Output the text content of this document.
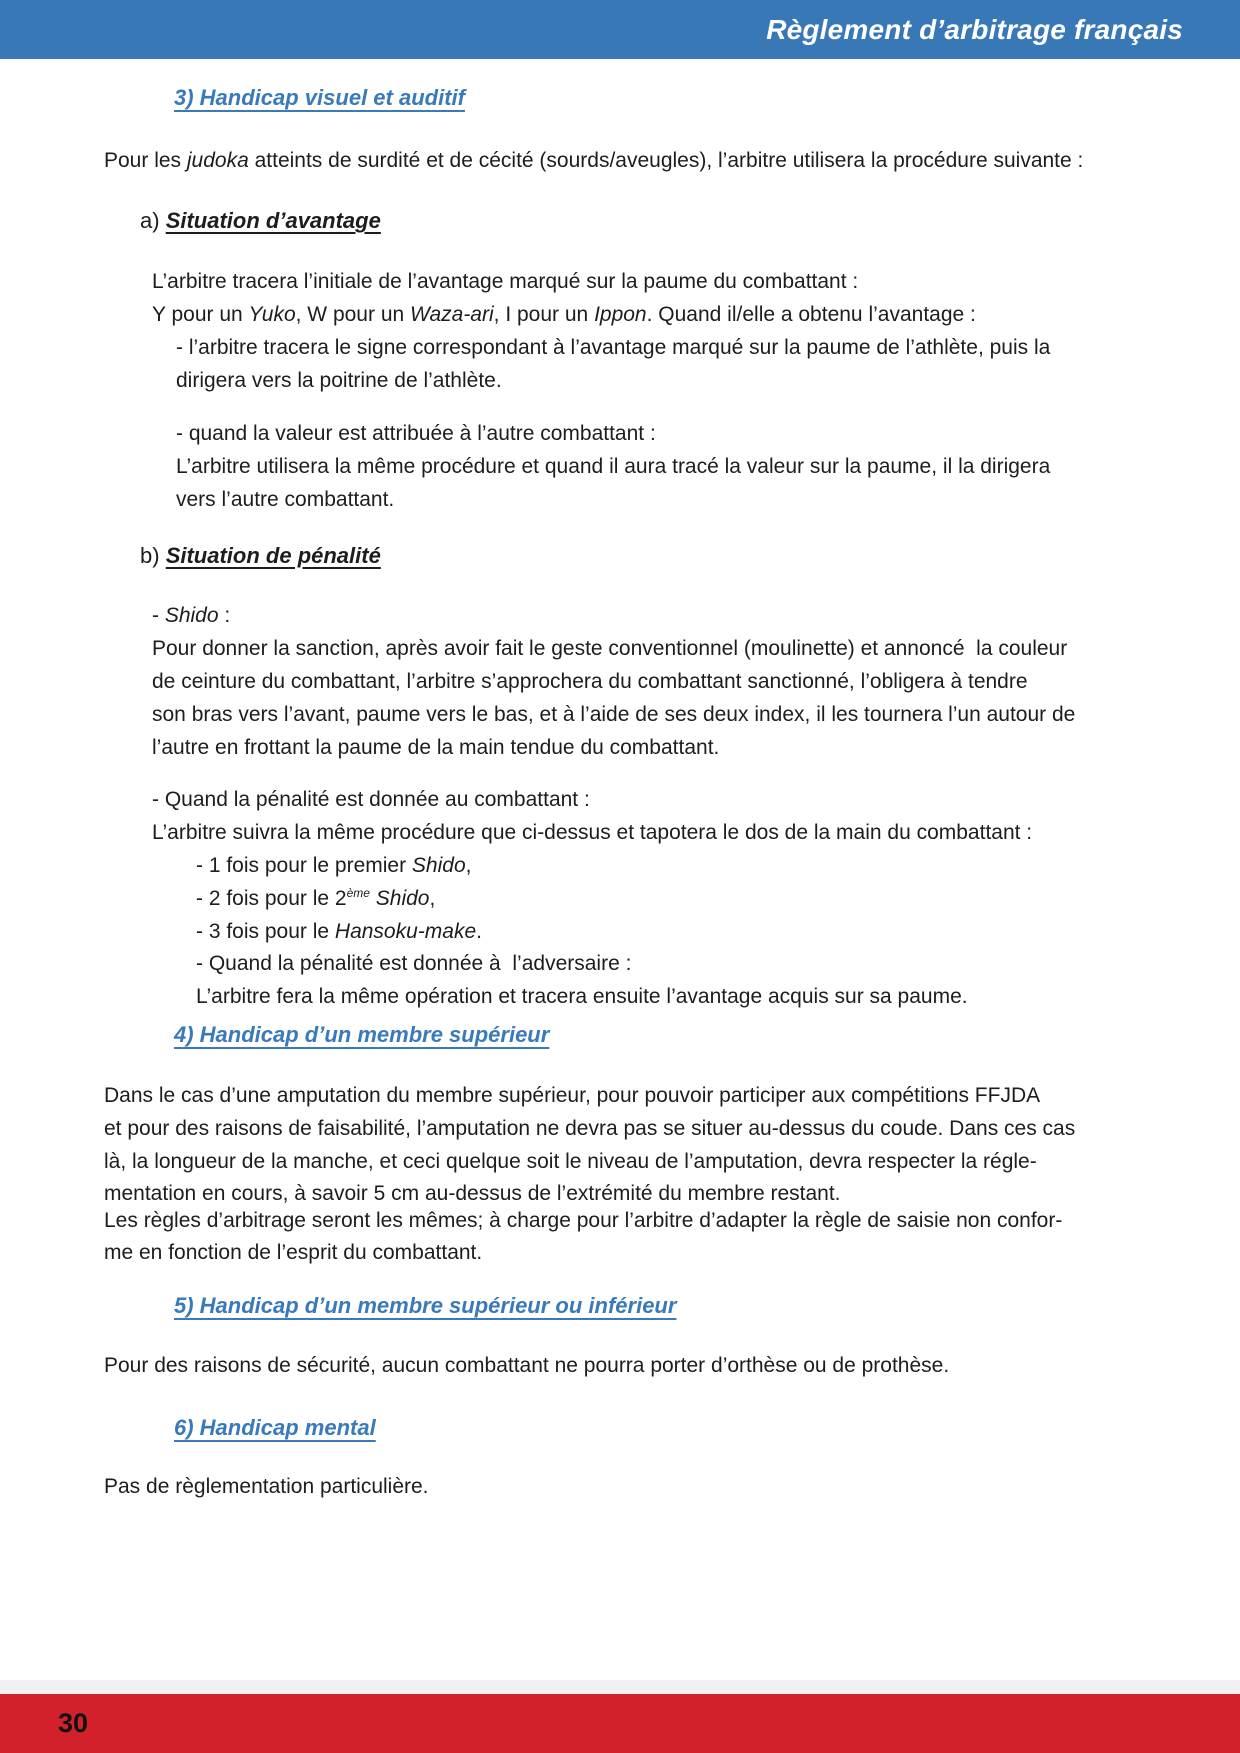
Règlement d’arbitrage français
3) Handicap visuel et auditif
Pour les judoka atteints de surdité et de cécité (sourds/aveugles), l’arbitre utilisera la procédure suivante :
a) Situation d’avantage
L’arbitre tracera l’initiale de l’avantage marqué sur la paume du combattant :
Y pour un Yuko, W pour un Waza-ari, I pour un Ippon. Quand il/elle a obtenu l’avantage :
- l’arbitre tracera le signe correspondant à l’avantage marqué sur la paume de l’athlète, puis la
dirigera vers la poitrine de l’athlète.
- quand la valeur est attribuée à l’autre combattant :
L’arbitre utilisera la même procédure et quand il aura tracé la valeur sur la paume, il la dirigera
vers l’autre combattant.
b) Situation de pénalité
- Shido :
Pour donner la sanction, après avoir fait le geste conventionnel (moulinette) et annoncé  la couleur
de ceinture du combattant, l’arbitre s’approchera du combattant sanctionné, l’obligera à tendre
son bras vers l’avant, paume vers le bas, et à l’aide de ses deux index, il les tournera l’un autour de
l’autre en frottant la paume de la main tendue du combattant.
- Quand la pénalité est donnée au combattant :
L’arbitre suivra la même procédure que ci-dessus et tapotera le dos de la main du combattant :
- 1 fois pour le premier Shido,
- 2 fois pour le 2ème Shido,
- 3 fois pour le Hansoku-make.
- Quand la pénalité est donnée à  l’adversaire :
L’arbitre fera la même opération et tracera ensuite l’avantage acquis sur sa paume.
4) Handicap d’un membre supérieur
Dans le cas d’une amputation du membre supérieur, pour pouvoir participer aux compétitions FFJDA
et pour des raisons de faisabilité, l’amputation ne devra pas se situer au-dessus du coude. Dans ces cas
là, la longueur de la manche, et ceci quelque soit le niveau de l’amputation, devra respecter la régle-
mentation en cours, à savoir 5 cm au-dessus de l’extrémité du membre restant.
Les règles d’arbitrage seront les mêmes; à charge pour l’arbitre d’adapter la règle de saisie non confor-
me en fonction de l’esprit du combattant.
5) Handicap d’un membre supérieur ou inférieur
Pour des raisons de sécurité, aucun combattant ne pourra porter d’orthèse ou de prothèse.
6) Handicap mental
Pas de règlementation particulière.
30
